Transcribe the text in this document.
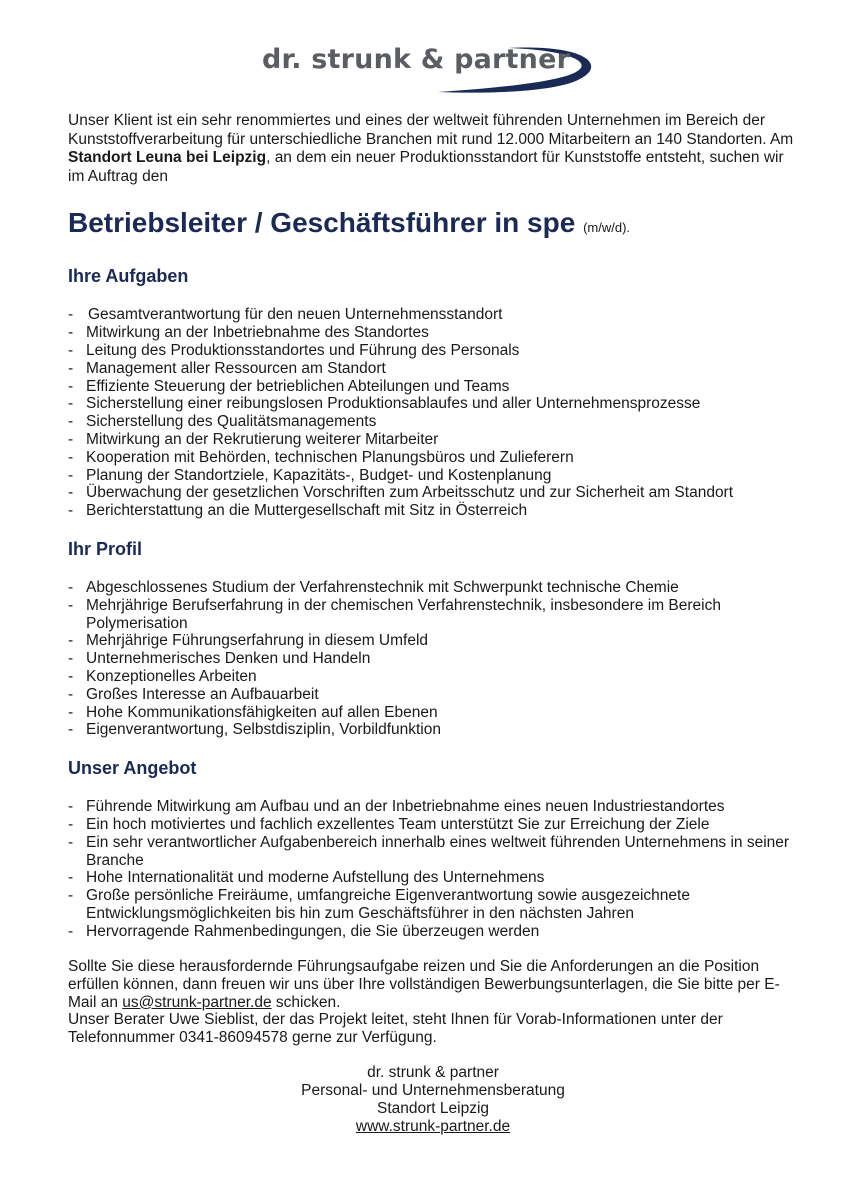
dr. strunk & partner

Unser Klient ist ein sehr renommiertes und eines der weltweit führenden Unternehmen im Bereich der Kunststoffverarbeitung für unterschiedliche Branchen mit rund 12.000 Mitarbeitern an 140 Standorten. Am Standort Leuna bei Leipzig, an dem ein neuer Produktionsstandort für Kunststoffe entsteht, suchen wir im Auftrag den

Betriebsleiter / Geschäftsführer in spe (m/w/d).
Ihre Aufgaben
- Gesamtverantwortung für den neuen Unternehmensstandort
- Mitwirkung an der Inbetriebnahme des Standortes
- Leitung des Produktionsstandortes und Führung des Personals
- Management aller Ressourcen am Standort
- Effiziente Steuerung der betrieblichen Abteilungen und Teams
- Sicherstellung einer reibungslosen Produktionsablaufes und aller Unternehmensprozesse
- Sicherstellung des Qualitätsmanagements
- Mitwirkung an der Rekrutierung weiterer Mitarbeiter
- Kooperation mit Behörden, technischen Planungsbüros und Zulieferern
- Planung der Standortziele, Kapazitäts-, Budget- und Kostenplanung
- Überwachung der gesetzlichen Vorschriften zum Arbeitsschutz und zur Sicherheit am Standort
- Berichterstattung an die Muttergesellschaft mit Sitz in Österreich
Ihr Profil
- Abgeschlossenes Studium der Verfahrenstechnik mit Schwerpunkt technische Chemie
- Mehrjährige Berufserfahrung in der chemischen Verfahrenstechnik, insbesondere im Bereich Polymerisation
- Mehrjährige Führungserfahrung in diesem Umfeld
- Unternehmerisches Denken und Handeln
- Konzeptionelles Arbeiten
- Großes Interesse an Aufbauarbeit
- Hohe Kommunikationsfähigkeiten auf allen Ebenen
- Eigenverantwortung, Selbstdisziplin, Vorbildfunktion
Unser Angebot
- Führende Mitwirkung am Aufbau und an der Inbetriebnahme eines neuen Industriestandortes
- Ein hoch motiviertes und fachlich exzellentes Team unterstützt Sie zur Erreichung der Ziele
- Ein sehr verantwortlicher Aufgabenbereich innerhalb eines weltweit führenden Unternehmens in seiner Branche
- Hohe Internationalität und moderne Aufstellung des Unternehmens
- Große persönliche Freiräume, umfangreiche Eigenverantwortung sowie ausgezeichnete Entwicklungsmöglichkeiten bis hin zum Geschäftsführer in den nächsten Jahren
- Hervorragende Rahmenbedingungen, die Sie überzeugen werden

Sollte Sie diese herausfordernde Führungsaufgabe reizen und Sie die Anforderungen an die Position erfüllen können, dann freuen wir uns über Ihre vollständigen Bewerbungsunterlagen, die Sie bitte per E-Mail an us@strunk-partner.de schicken.
Unser Berater Uwe Sieblist, der das Projekt leitet, steht Ihnen für Vorab-Informationen unter der Telefonnummer 0341-86094578 gerne zur Verfügung.

dr. strunk & partner
Personal- und Unternehmensberatung
Standort Leipzig
www.strunk-partner.de
